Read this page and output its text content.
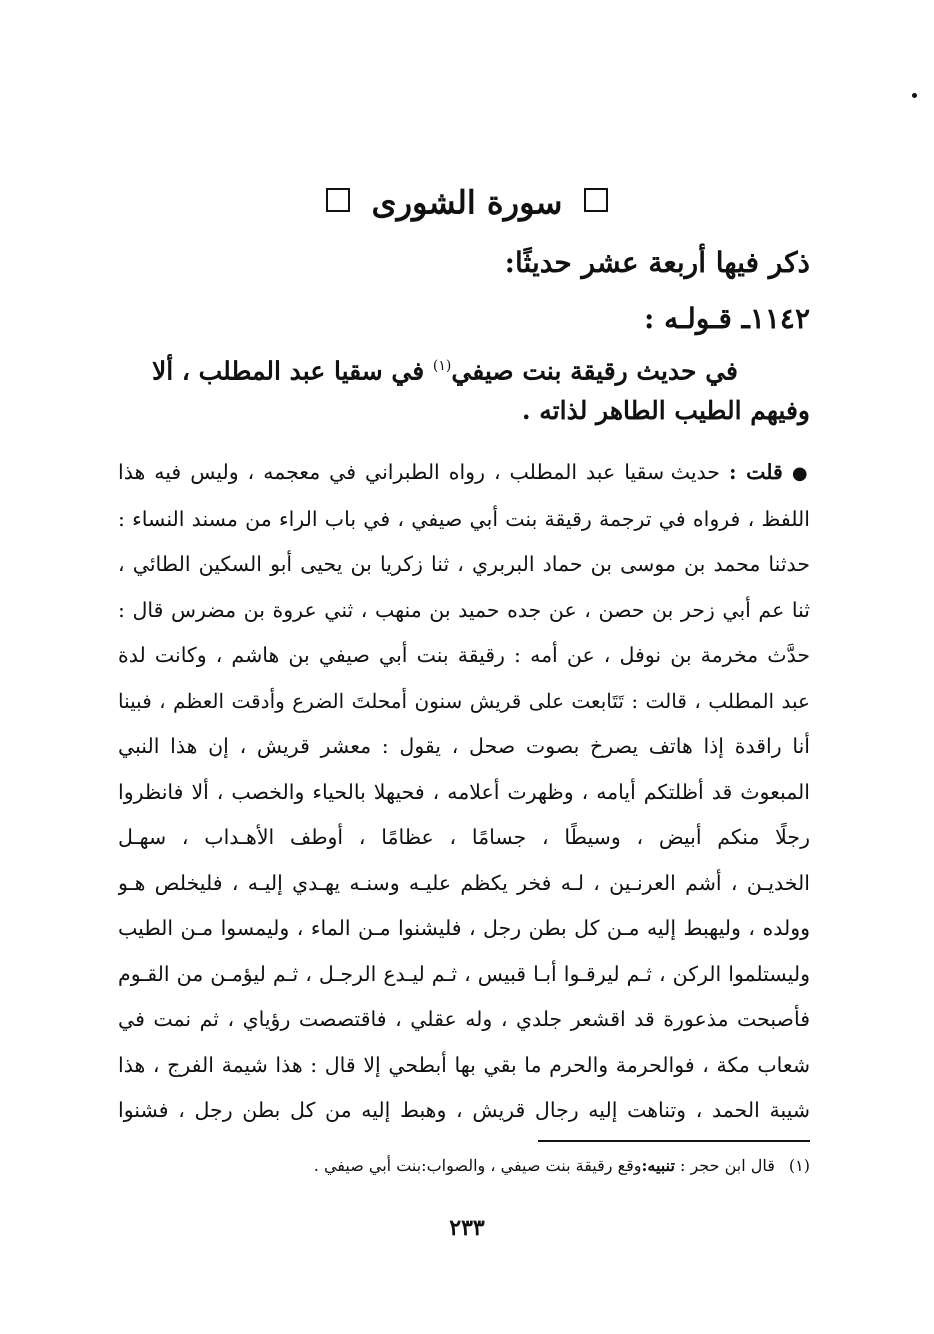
سورة الشورى
ذكر فيها أربعة عشر حديثًا:
١١٤٢ـ قـولـه :
في حديث رقيقة بنت صيفي$^{(١)}$ في سقيا عبد المطلب ، ألا
وفيهم الطيب الطاهر لذاته .
● قلت : حديث سقيا عبد المطلب ، رواه الطبراني في معجمه ، وليس فيه هذا
اللفظ ، فرواه في ترجمة رقيقة بنت أبي صيفي ، في باب الراء من مسند النساء :
حدثنا محمد بن موسى بن حماد البربري ، ثنا زكريا بن يحيى أبو السكين الطائي ،
ثنا عم أبي زحر بن حصن ، عن جده حميد بن منهب ، ثني عروة بن مضرس قال :
حدَّث مخرمة بن نوفل ، عن أمه : رقيقة بنت أبي صيفي بن هاشم ، وكانت لدة
عبد المطلب ، قالت : تَتَابعت على قريش سنون أمحلتَ الضرع وأدقت العظم ، فبينا
أنا راقدة إذا هاتف يصرخ بصوت صحل ، يقول : معشر قريش ، إن هذا النبي
المبعوث قد أظلتكم أيامه ، وظهرت أعلامه ، فحيهلا بالحياء والخصب ، ألا فانظروا
رجلًا منكم أبيض ، وسيطًا ، جسامًا ، عظامًا ، أوطف الأهـداب ، سهـل
الخديـن ، أشم العرنـين ، لـه فخر يكظم عليـه وسنـه يهـدي إليـه ، فليخلص هـو
وولده ، وليهبط إليه مـن كل بطن رجل ، فليشنوا مـن الماء ، وليمسوا مـن الطيب
وليستلموا الركن ، ثـم ليرقـوا أبـا قبيس ، ثـم ليـدع الرجـل ، ثـم ليؤمـن من القـوم
فأصبحت مذعورة قد اقشعر جلدي ، وله عقلي ، فاقتصصت رؤياي ، ثم نمت في
شعاب مكة ، فوالحرمة والحرم ما بقي بها أبطحي إلا قال : هذا شيمة الفرج ، هذا
شيبة الحمد ، وتناهت إليه رجال قريش ، وهبط إليه من كل بطن رجل ، فشنوا
(١)قال ابن حجر : تنبيه:وقع رقيقة بنت صيفي ، والصواب:بنت أبي صيفي .
٢٣٣
